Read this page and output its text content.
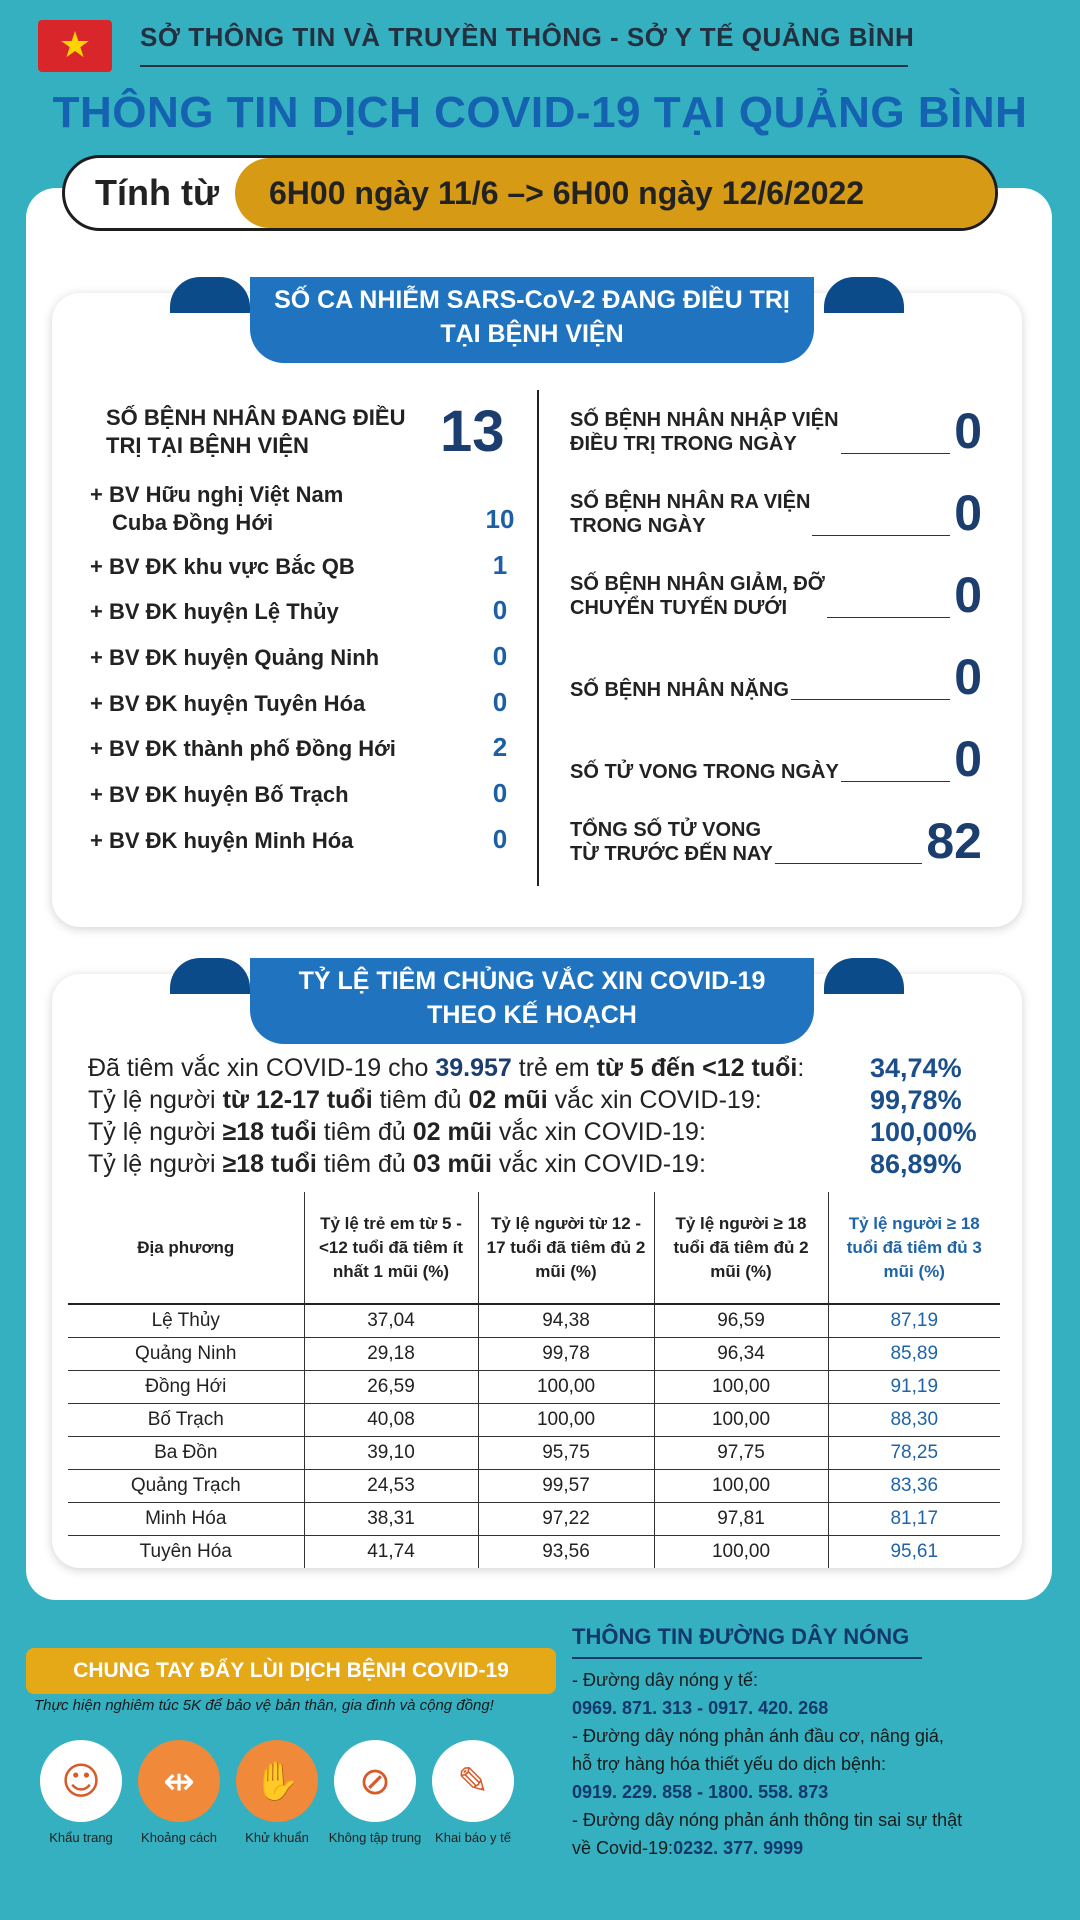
★	SỞ THÔNG TIN VÀ TRUYỀN THÔNG - SỞ Y TẾ QUẢNG BÌNH
THÔNG TIN DỊCH COVID-19 TẠI QUẢNG BÌNH
Tính từ	6H00 ngày 11/6 –> 6H00 ngày 12/6/2022
SỐ CA NHIỄM SARS-CoV-2 ĐANG ĐIỀU TRỊ
TẠI BỆNH VIỆN
SỐ BỆNH NHÂN ĐANG ĐIỀU TRỊ TẠI BỆNH VIỆN	13
+ BV Hữu nghị Việt Nam
Cuba Đồng Hới	10
+ BV ĐK khu vực Bắc QB	1
+ BV ĐK huyện Lệ Thủy	0
+ BV ĐK huyện Quảng Ninh	0
+ BV ĐK huyện Tuyên Hóa	0
+ BV ĐK thành phố Đồng Hới	2
+ BV ĐK huyện Bố Trạch	0
+ BV ĐK huyện Minh Hóa	0
SỐ BỆNH NHÂN NHẬP VIỆN
ĐIỀU TRỊ TRONG NGÀY	0
SỐ BỆNH NHÂN RA VIỆN
TRONG NGÀY	0
SỐ BỆNH NHÂN GIẢM, ĐỠ
CHUYỂN TUYẾN DƯỚI	0
SỐ BỆNH NHÂN NẶNG	0
SỐ TỬ VONG TRONG NGÀY 0
TỔNG SỐ TỬ VONG
TỪ TRƯỚC ĐẾN NAY	82
TỶ LỆ TIÊM CHỦNG VẮC XIN COVID-19
THEO KẾ HOẠCH
Đã tiêm vắc xin COVID-19 cho 39.957 trẻ em từ 5 đến <12 tuổi:	34,74%
Tỷ lệ người từ 12-17 tuổi tiêm đủ 02 mũi vắc xin COVID-19:	99,78%
Tỷ lệ người ≥18 tuổi tiêm đủ 02 mũi vắc xin COVID-19:	100,00%
Tỷ lệ người ≥18 tuổi tiêm đủ 03 mũi vắc xin COVID-19:	86,89%
Địa phương	Tỷ lệ trẻ em từ 5 - <12 tuổi đã tiêm ít nhất 1 mũi (%)	Tỷ lệ người từ 12 - 17 tuổi đã tiêm đủ 2 mũi (%)	Tỷ lệ người ≥ 18 tuổi đã tiêm đủ 2 mũi (%)	Tỷ lệ người ≥ 18 tuổi đã tiêm đủ 3 mũi (%)
Lệ Thủy	37,04	94,38	96,59	87,19
Quảng Ninh	29,18	99,78	96,34	85,89
Đồng Hới	26,59	100,00	100,00	91,19
Bố Trạch	40,08	100,00	100,00	88,30
Ba Đồn	39,10	95,75	97,75	78,25
Quảng Trạch	24,53	99,57	100,00	83,36
Minh Hóa	38,31	97,22	97,81	81,17
Tuyên Hóa	41,74	93,56	100,00	95,61
CHUNG TAY ĐẨY LÙI DỊCH BỆNH COVID-19
Thực hiện nghiêm túc 5K để bảo vệ bản thân, gia đình và cộng đồng!
☺
Khẩu trang
⇹
Khoảng cách
✋
Khử khuẩn
⊘
Không tập trung
✎
Khai báo y tế
THÔNG TIN ĐƯỜNG DÂY NÓNG
- Đường dây nóng y tế:
0969. 871. 313 - 0917. 420. 268
- Đường dây nóng phản ánh đầu cơ, nâng giá,
hỗ trợ hàng hóa thiết yếu do dịch bệnh:
0919. 229. 858 - 1800. 558. 873
- Đường dây nóng phản ánh thông tin sai sự thật
về Covid-19:0232. 377. 9999
